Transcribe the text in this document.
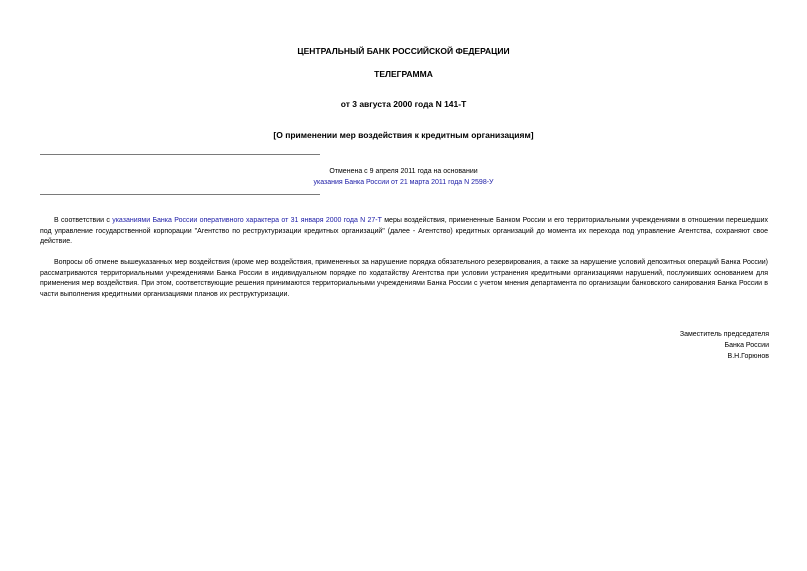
ЦЕНТРАЛЬНЫЙ БАНК РОССИЙСКОЙ ФЕДЕРАЦИИ
ТЕЛЕГРАММА
от 3 августа 2000 года N 141-Т
[О применении мер воздействия к кредитным организациям]
Отменена с 9 апреля 2011 года на основании
указания Банка России от 21 марта 2011 года N 2598-У

В соответствии с указаниями Банка России оперативного характера от 31 января 2000 года N 27-Т меры воздействия, примененные Банком России и его территориальными учреждениями в отношении перешедших под управление государственной корпорации "Агентство по реструктуризации кредитных организаций" (далее - Агентство) кредитных организаций до момента их перехода под управление Агентства, сохраняют свое действие.

Вопросы об отмене вышеуказанных мер воздействия (кроме мер воздействия, примененных за нарушение порядка обязательного резервирования, а также за нарушение условий депозитных операций Банка России) рассматриваются территориальными учреждениями Банка России в индивидуальном порядке по ходатайству Агентства при условии устранения кредитными организациями нарушений, послуживших основанием для применения мер воздействия. При этом, соответствующие решения принимаются территориальными учреждениями Банка России с учетом мнения департамента по организации банковского санирования Банка России в части выполнения кредитными организациями планов их реструктуризации.

Заместитель председателя
Банка России
В.Н.Горюнов
